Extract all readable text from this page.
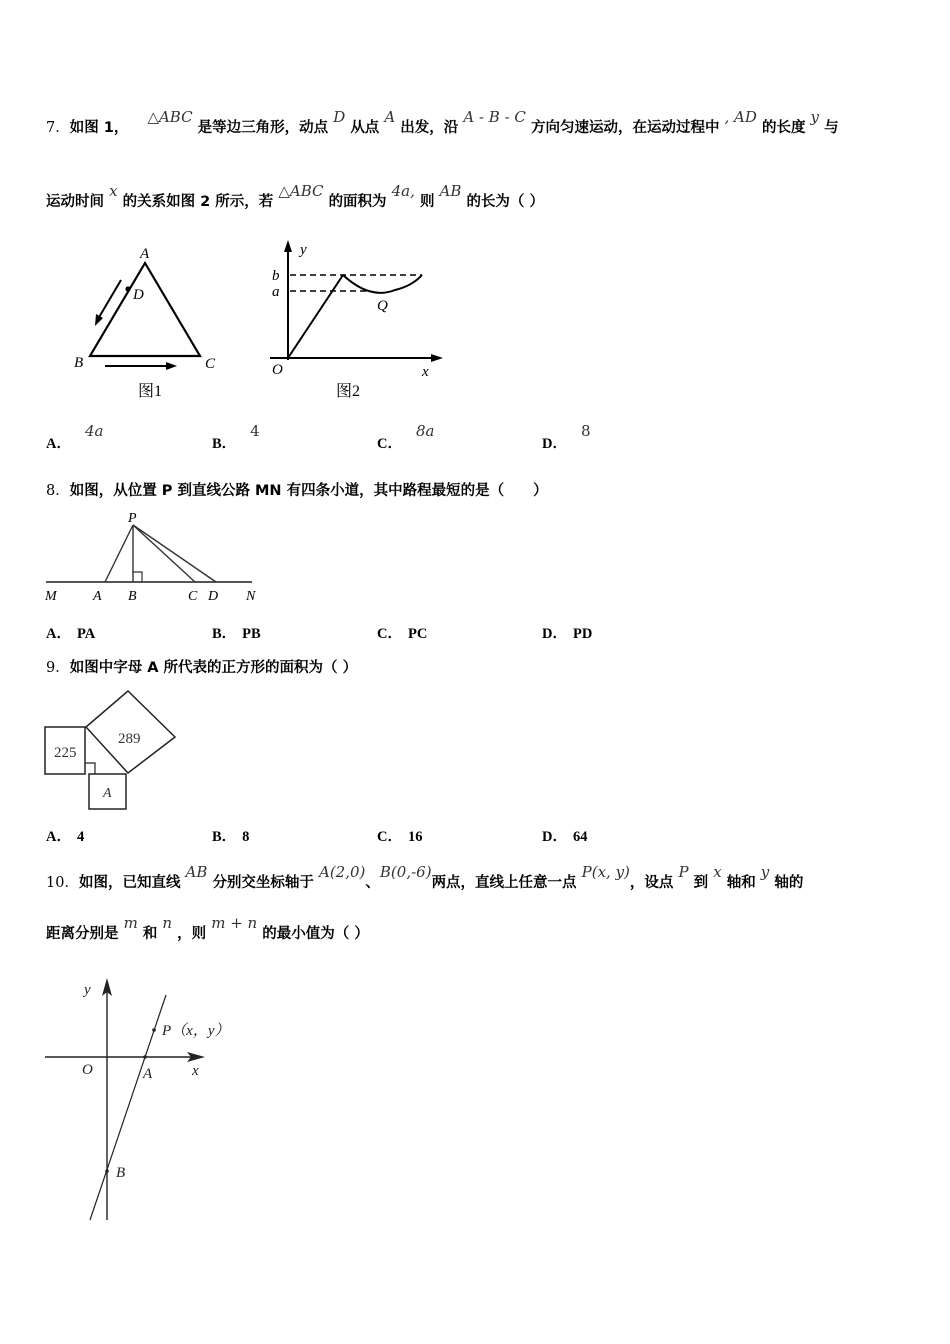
7．如图 1， △ABC 是等边三角形，动点 D 从点 A 出发，沿 A - B - C 方向匀速运动，在运动过程中 , AD 的长度 y 与
运动时间 x 的关系如图 2 所示，若 △ABC 的面积为 4a, 则 AB 的长为（ ）
A
D
B	C
图1
y
b
a
Q
O	x
图2
A．4a
B．4
C．8a
D．8
8．如图，从位置 P 到直线公路 MN 有四条小道，其中路程最短的是（　　）
P
M	A B	C D N
A． PA	B． PB	C． PC	D． PD
9．如图中字母 A 所代表的正方形的面积为（ ）
225
289
A
A． 4	B． 8	C． 16	D． 64
10．如图，已知直线 AB 分别交坐标轴于 A(2,0)、B(0,-6)两点，直线上任意一点 P(x, y)，设点 P 到 x 轴和 y 轴的
距离分别是 m 和 n ，则 m + n 的最小值为（ ）
y
O	A	x
B
P（x，y）
